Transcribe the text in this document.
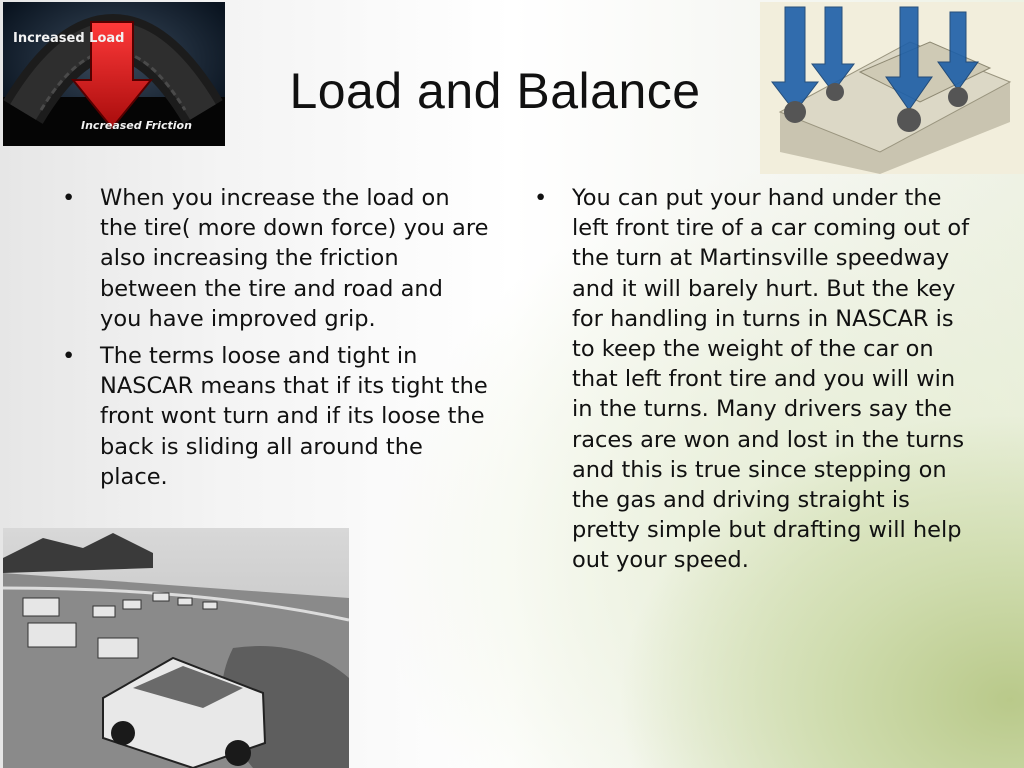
Increased Load
Increased Friction
Load and Balance
• When you increase the load on the tire( more down force) you are also increasing the friction between the tire and road and you have improved grip.
• The terms loose and tight in NASCAR means that if its tight the front wont turn and if its loose the back is sliding all around the place.
• You can put your hand under the left front tire of a car coming out of the turn at Martinsville speedway and it will barely hurt. But the key for handling in turns in NASCAR is to keep the weight of the car on that left front tire and you will win in the turns. Many drivers say the races are won and lost in the turns and this is true since stepping on the gas and driving straight is pretty simple but drafting will help out your speed.
